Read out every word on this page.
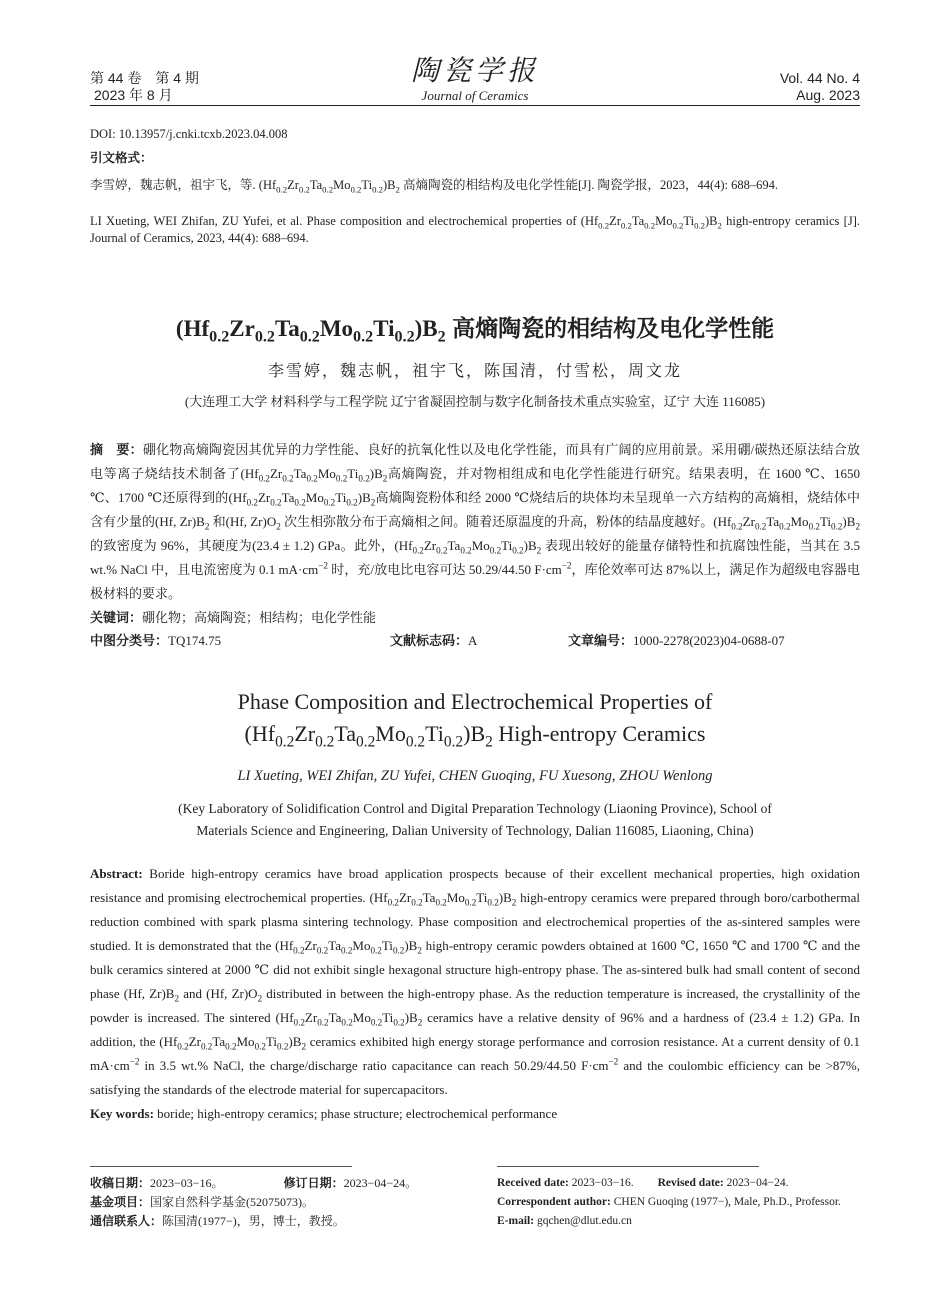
第 44 卷　第 4 期
2023 年 8 月
陶瓷学报
Journal of Ceramics
Vol. 44 No. 4
Aug. 2023
DOI: 10.13957/j.cnki.tcxb.2023.04.008
引文格式：
李雪婷，魏志帆，祖宇飞，等. $(Hf_{0.2}Zr_{0.2}Ta_{0.2}Mo_{0.2}Ti_{0.2})B_2$ 高熵陶瓷的相结构及电化学性能[J]. 陶瓷学报，2023，44(4): 688–694.
LI Xueting, WEI Zhifan, ZU Yufei, et al. Phase composition and electrochemical properties of $(Hf_{0.2}Zr_{0.2}Ta_{0.2}Mo_{0.2}Ti_{0.2})B_2$ high-entropy ceramics [J]. Journal of Ceramics, 2023, 44(4): 688–694.
$(Hf_{0.2}Zr_{0.2}Ta_{0.2}Mo_{0.2}Ti_{0.2})B_2$ 高熵陶瓷的相结构及电化学性能
李雪婷，魏志帆，祖宇飞，陈国清，付雪松，周文龙
(大连理工大学 材料科学与工程学院 辽宁省凝固控制与数字化制备技术重点实验室，辽宁 大连 116085)
摘　要：硼化物高熵陶瓷因其优异的力学性能、良好的抗氧化性以及电化学性能，而具有广阔的应用前景。采用硼/碳热还原法结合放电等离子烧结技术制备了$(Hf_{0.2}Zr_{0.2}Ta_{0.2}Mo_{0.2}Ti_{0.2})B_2$高熵陶瓷，并对物相组成和电化学性能进行研究。结果表明，在 1600 ℃、1650 ℃、1700 ℃还原得到的$(Hf_{0.2}Zr_{0.2}Ta_{0.2}Mo_{0.2}Ti_{0.2})B_2$高熵陶瓷粉体和经 2000 ℃烧结后的块体均未呈现单一六方结构的高熵相，烧结体中含有少量的(Hf, $Zr)B_2$ 和(Hf, $Zr)O_2$ 次生相弥散分布于高熵相之间。随着还原温度的升高，粉体的结晶度越好。$(Hf_{0.2}Zr_{0.2}Ta_{0.2}Mo_{0.2}Ti_{0.2})B_2$的致密度为 96%，其硬度为(23.4 ± 1.2) GPa。此外，$(Hf_{0.2}Zr_{0.2}Ta_{0.2}Mo_{0.2}Ti_{0.2})B_2$ 表现出较好的能量存储特性和抗腐蚀性能，当其在 3.5 wt.% NaCl 中，且电流密度为 0.1 $mA\cdot cm^{-2}$ 时，充/放电比电容可达 50.29/44.50 $F\cdot cm^{-2}$，库伦效率可达 87%以上，满足作为超级电容器电极材料的要求。
关键词：硼化物；高熵陶瓷；相结构；电化学性能
中图分类号：TQ174.75	文献标志码：A	文章编号：1000-2278(2023)04-0688-07
Phase Composition and Electrochemical Properties of
$(Hf_{0.2}Zr_{0.2}Ta_{0.2}Mo_{0.2}Ti_{0.2})B_2$ High-entropy Ceramics
LI Xueting, WEI Zhifan, ZU Yufei, CHEN Guoqing, FU Xuesong, ZHOU Wenlong
(Key Laboratory of Solidification Control and Digital Preparation Technology (Liaoning Province), School of
Materials Science and Engineering, Dalian University of Technology, Dalian 116085, Liaoning, China)
Abstract: Boride high-entropy ceramics have broad application prospects because of their excellent mechanical properties, high oxidation resistance and promising electrochemical properties. $(Hf_{0.2}Zr_{0.2}Ta_{0.2}Mo_{0.2}Ti_{0.2})B_2$ high-entropy ceramics were prepared through boro/carbothermal reduction combined with spark plasma sintering technology. Phase composition and electrochemical properties of the as-sintered samples were studied. It is demonstrated that the $(Hf_{0.2}Zr_{0.2}Ta_{0.2}Mo_{0.2}Ti_{0.2})B_2$ high-entropy ceramic powders obtained at 1600 ℃, 1650 ℃ and 1700 ℃ and the bulk ceramics sintered at 2000 ℃ did not exhibit single hexagonal structure high-entropy phase. The as-sintered bulk had small content of second phase (Hf, $Zr)B_2$ and (Hf, $Zr)O_2$ distributed in between the high-entropy phase. As the reduction temperature is increased, the crystallinity of the powder is increased. The sintered $(Hf_{0.2}Zr_{0.2}Ta_{0.2}Mo_{0.2}Ti_{0.2})B_2$ ceramics have a relative density of 96% and a hardness of (23.4 ± 1.2) GPa. In addition, the $(Hf_{0.2}Zr_{0.2}Ta_{0.2}Mo_{0.2}Ti_{0.2})B_2$ ceramics exhibited high energy storage performance and corrosion resistance. At a current density of 0.1 $mA\cdot cm^{-2}$ in 3.5 wt.% NaCl, the charge/discharge ratio capacitance can reach 50.29/44.50 $F\cdot cm^{-2}$ and the coulombic efficiency can be >87%, satisfying the standards of the electrode material for supercapacitors.
Key words: boride; high-entropy ceramics; phase structure; electrochemical performance
收稿日期：2023−03−16。	修订日期：2023−04−24。
基金项目：国家自然科学基金(52075073)。
通信联系人：陈国清(1977−)，男，博士，教授。
Received date: 2023−03−16. Revised date: 2023−04−24.
Correspondent author: CHEN Guoqing (1977−), Male, Ph.D., Professor.
E-mail: gqchen@dlut.edu.cn
